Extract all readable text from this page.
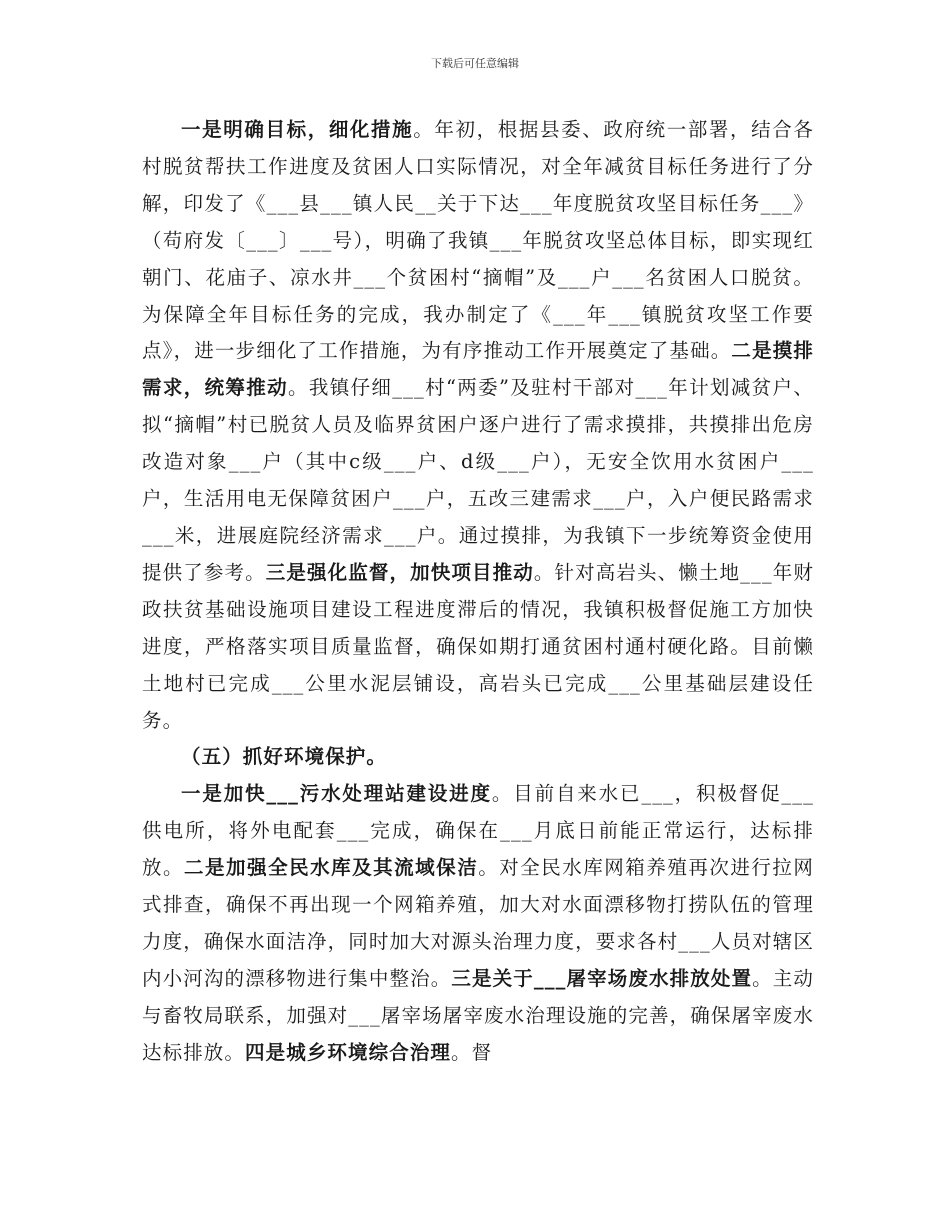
下载后可任意编辑

一是明确目标，细化措施。年初，根据县委、政府统一部署，结合各村脱贫帮扶工作进度及贫困人口实际情况，对全年减贫目标任务进行了分解，印发了《___县___镇人民__关于下达___年度脱贫攻坚目标任务___》（苟府发〔___〕___号），明确了我镇___年脱贫攻坚总体目标，即实现红朝门、花庙子、凉水井___个贫困村“摘帽”及___户___名贫困人口脱贫。为保障全年目标任务的完成，我办制定了《___年___镇脱贫攻坚工作要点》，进一步细化了工作措施，为有序推动工作开展奠定了基础。二是摸排需求，统筹推动。我镇仔细___村“两委”及驻村干部对___年计划减贫户、拟“摘帽”村已脱贫人员及临界贫困户逐户进行了需求摸排，共摸排出危房改造对象___户（其中c级___户、d级___户），无安全饮用水贫困户___户，生活用电无保障贫困户___户，五改三建需求___户，入户便民路需求___米，进展庭院经济需求___户。通过摸排，为我镇下一步统筹资金使用提供了参考。三是强化监督，加快项目推动。针对高岩头、懒土地___年财政扶贫基础设施项目建设工程进度滞后的情况，我镇积极督促施工方加快进度，严格落实项目质量监督，确保如期打通贫困村通村硬化路。目前懒土地村已完成___公里水泥层铺设，高岩头已完成___公里基础层建设任务。

（五）抓好环境保护。

一是加快___污水处理站建设进度。目前自来水已___，积极督促___供电所，将外电配套___完成，确保在___月底日前能正常运行，达标排放。二是加强全民水库及其流域保洁。对全民水库网箱养殖再次进行拉网式排查，确保不再出现一个网箱养殖，加大对水面漂移物打捞队伍的管理力度，确保水面洁净，同时加大对源头治理力度，要求各村___人员对辖区内小河沟的漂移物进行集中整治。三是关于___屠宰场废水排放处置。主动与畜牧局联系，加强对___屠宰场屠宰废水治理设施的完善，确保屠宰废水达标排放。四是城乡环境综合治理。督
